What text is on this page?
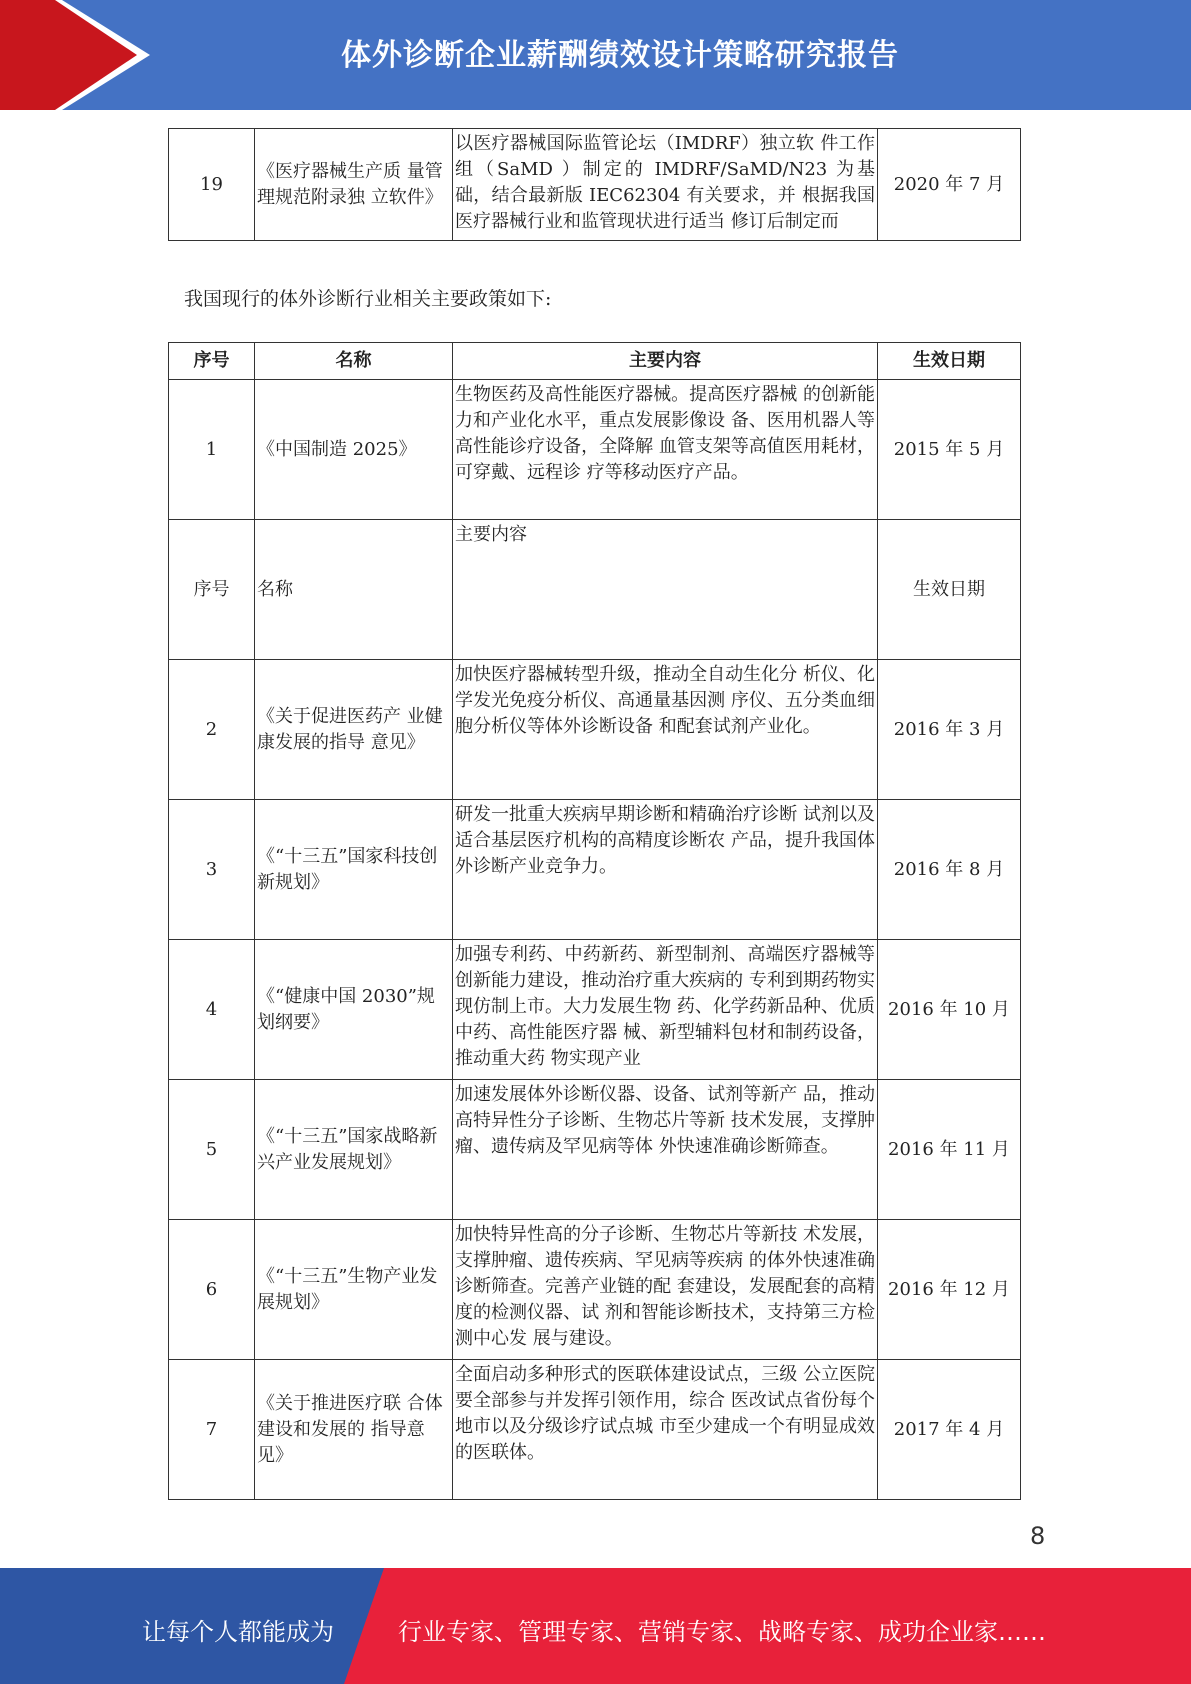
体外诊断企业薪酬绩效设计策略研究报告
19	《医疗器械生产质 量管理规范附录独 立软件》	以医疗器械国际监管论坛（IMDRF）独立软 件工作组（SaMD ）制定的 IMDRF/SaMD/N23 为基础，结合最新版 IEC62304 有关要求，并 根据我国医疗器械行业和监管现状进行适当 修订后制定而	2020 年 7 月
我国现行的体外诊断行业相关主要政策如下:
序号	名称	主要内容	生效日期
1	《中国制造 2025》	生物医药及高性能医疗器械。提高医疗器械 的创新能力和产业化水平，重点发展影像设 备、医用机器人等高性能诊疗设备，全降解 血管支架等高值医用耗材，可穿戴、远程诊 疗等移动医疗产品。	2015 年 5 月
序号	名称	主要内容	生效日期
2	《关于促进医药产 业健康发展的指导 意见》	加快医疗器械转型升级，推动全自动生化分 析仪、化学发光免疫分析仪、高通量基因测 序仪、五分类血细胞分析仪等体外诊断设备 和配套试剂产业化。	2016 年 3 月
3	《“十三五”国家科技创新规划》	研发一批重大疾病早期诊断和精确治疗诊断 试剂以及适合基层医疗机构的高精度诊断农 产品，提升我国体外诊断产业竞争力。	2016 年 8 月
4	《“健康中国 2030”规划纲要》	加强专利药、中药新药、新型制剂、高端医疗器械等创新能力建设，推动治疗重大疾病的 专利到期药物实现仿制上市。大力发展生物 药、化学药新品种、优质中药、高性能医疗器 械、新型辅料包材和制药设备，推动重大药 物实现产业	2016 年 10 月
5	《“十三五”国家战略新兴产业发展规划》	加速发展体外诊断仪器、设备、试剂等新产 品，推动高特异性分子诊断、生物芯片等新 技术发展，支撑肿瘤、遗传病及罕见病等体 外快速准确诊断筛查。	2016 年 11 月
6	《“十三五”生物产业发展规划》	加快特异性高的分子诊断、生物芯片等新技 术发展，支撑肿瘤、遗传疾病、罕见病等疾病 的体外快速准确诊断筛查。完善产业链的配 套建设，发展配套的高精度的检测仪器、试 剂和智能诊断技术，支持第三方检测中心发 展与建设。	2016 年 12 月
7	《关于推进医疗联 合体建设和发展的 指导意见》	全面启动多种形式的医联体建设试点，三级 公立医院要全部参与并发挥引领作用，综合 医改试点省份每个地市以及分级诊疗试点城 市至少建成一个有明显成效的医联体。	2017 年 4 月
8
让每个人都能成为	行业专家、管理专家、营销专家、战略专家、成功企业家……
